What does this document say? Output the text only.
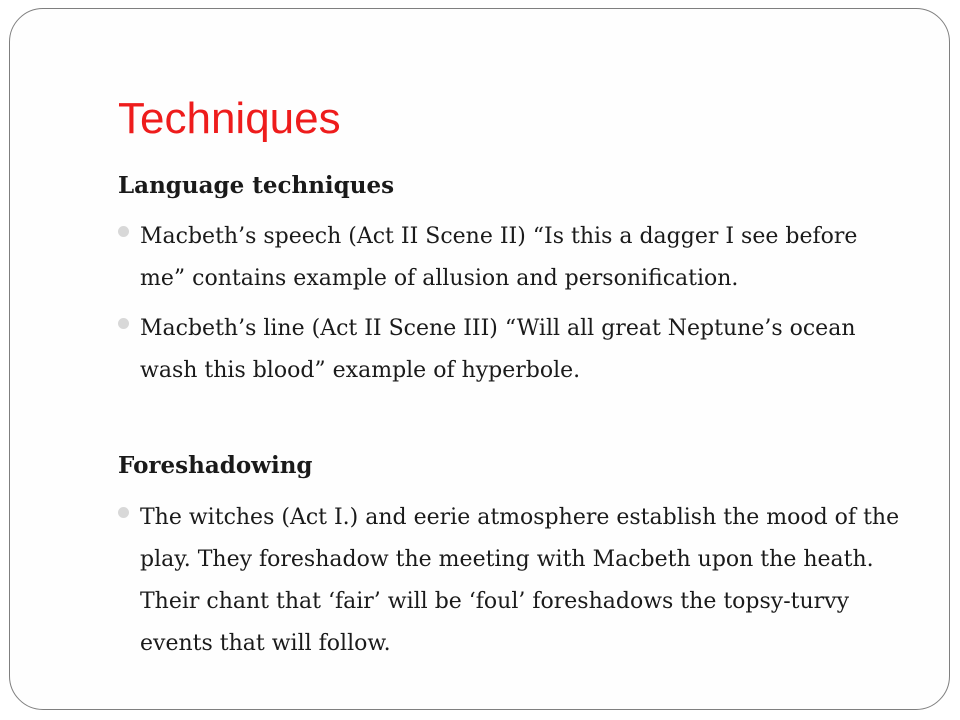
Techniques
Language techniques

Macbeth’s speech (Act II Scene II) “Is this a dagger I see before me” contains example of allusion and personification.

Macbeth’s line (Act II Scene III) “Will all great Neptune’s ocean wash this blood” example of hyperbole.

Foreshadowing

The witches (Act I.) and eerie atmosphere establish the mood of the play. They foreshadow the meeting with Macbeth upon the heath. Their chant that ‘fair’ will be ‘foul’ foreshadows the topsy-turvy events that will follow.
